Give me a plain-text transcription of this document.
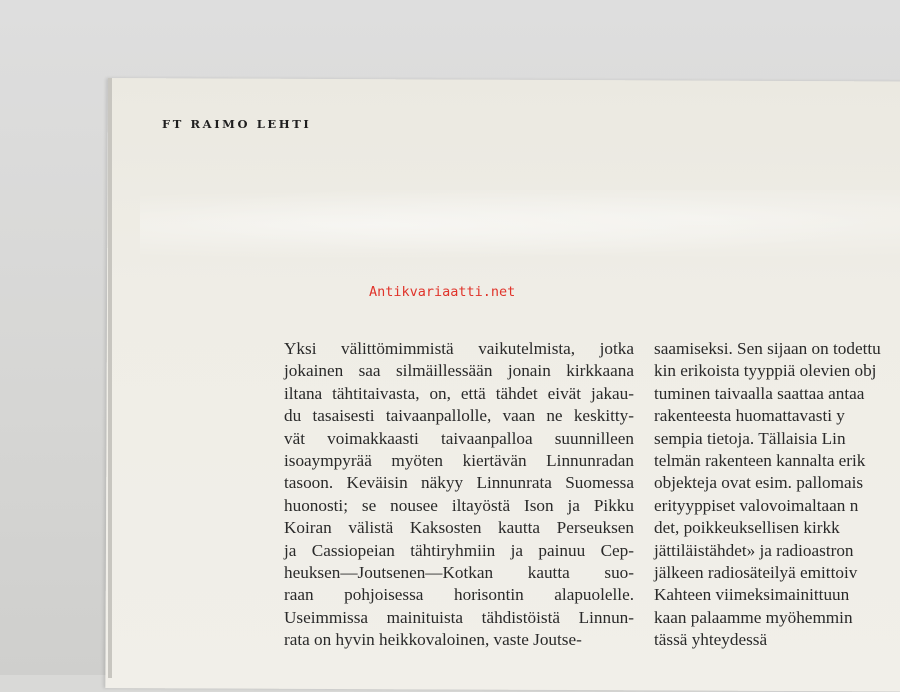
FT RAIMO LEHTI
Antikvariaatti.net
Yksi välittömimmistä vaikutelmista, jotka
jokainen saa silmäillessään jonain kirkkaana
iltana tähtitaivasta, on, että tähdet eivät jakau-
du tasaisesti taivaanpallolle, vaan ne keskitty-
vät voimakkaasti taivaanpalloa suunnilleen
isoaympyrää myöten kiertävän Linnunradan
tasoon. Keväisin näkyy Linnunrata Suomessa
huonosti; se nousee iltayöstä Ison ja Pikku
Koiran välistä Kaksosten kautta Perseuksen
ja Cassiopeian tähtiryhmiin ja painuu Cep-
heuksen—Joutsenen—Kotkan kautta suo-
raan pohjoisessa horisontin alapuolelle.
Useimmissa mainituista tähdistöistä Linnun-
rata on hyvin heikkovaloinen, vaste Joutse-
saamiseksi. Sen sijaan on todettu
kin erikoista tyyppiä olevien obj
tuminen taivaalla saattaa antaa
rakenteesta huomattavasti y
sempia tietoja. Tällaisia Lin
telmän rakenteen kannalta erik
objekteja ovat esim. pallomais
erityyppiset valovoimaltaan n
det, poikkeuksellisen kirkk
jättiläistähdet» ja radioastron
jälkeen radiosäteilyä emittoiv
Kahteen viimeksimainittuun
kaan palaamme myöhemmin
tässä yhteydessä
